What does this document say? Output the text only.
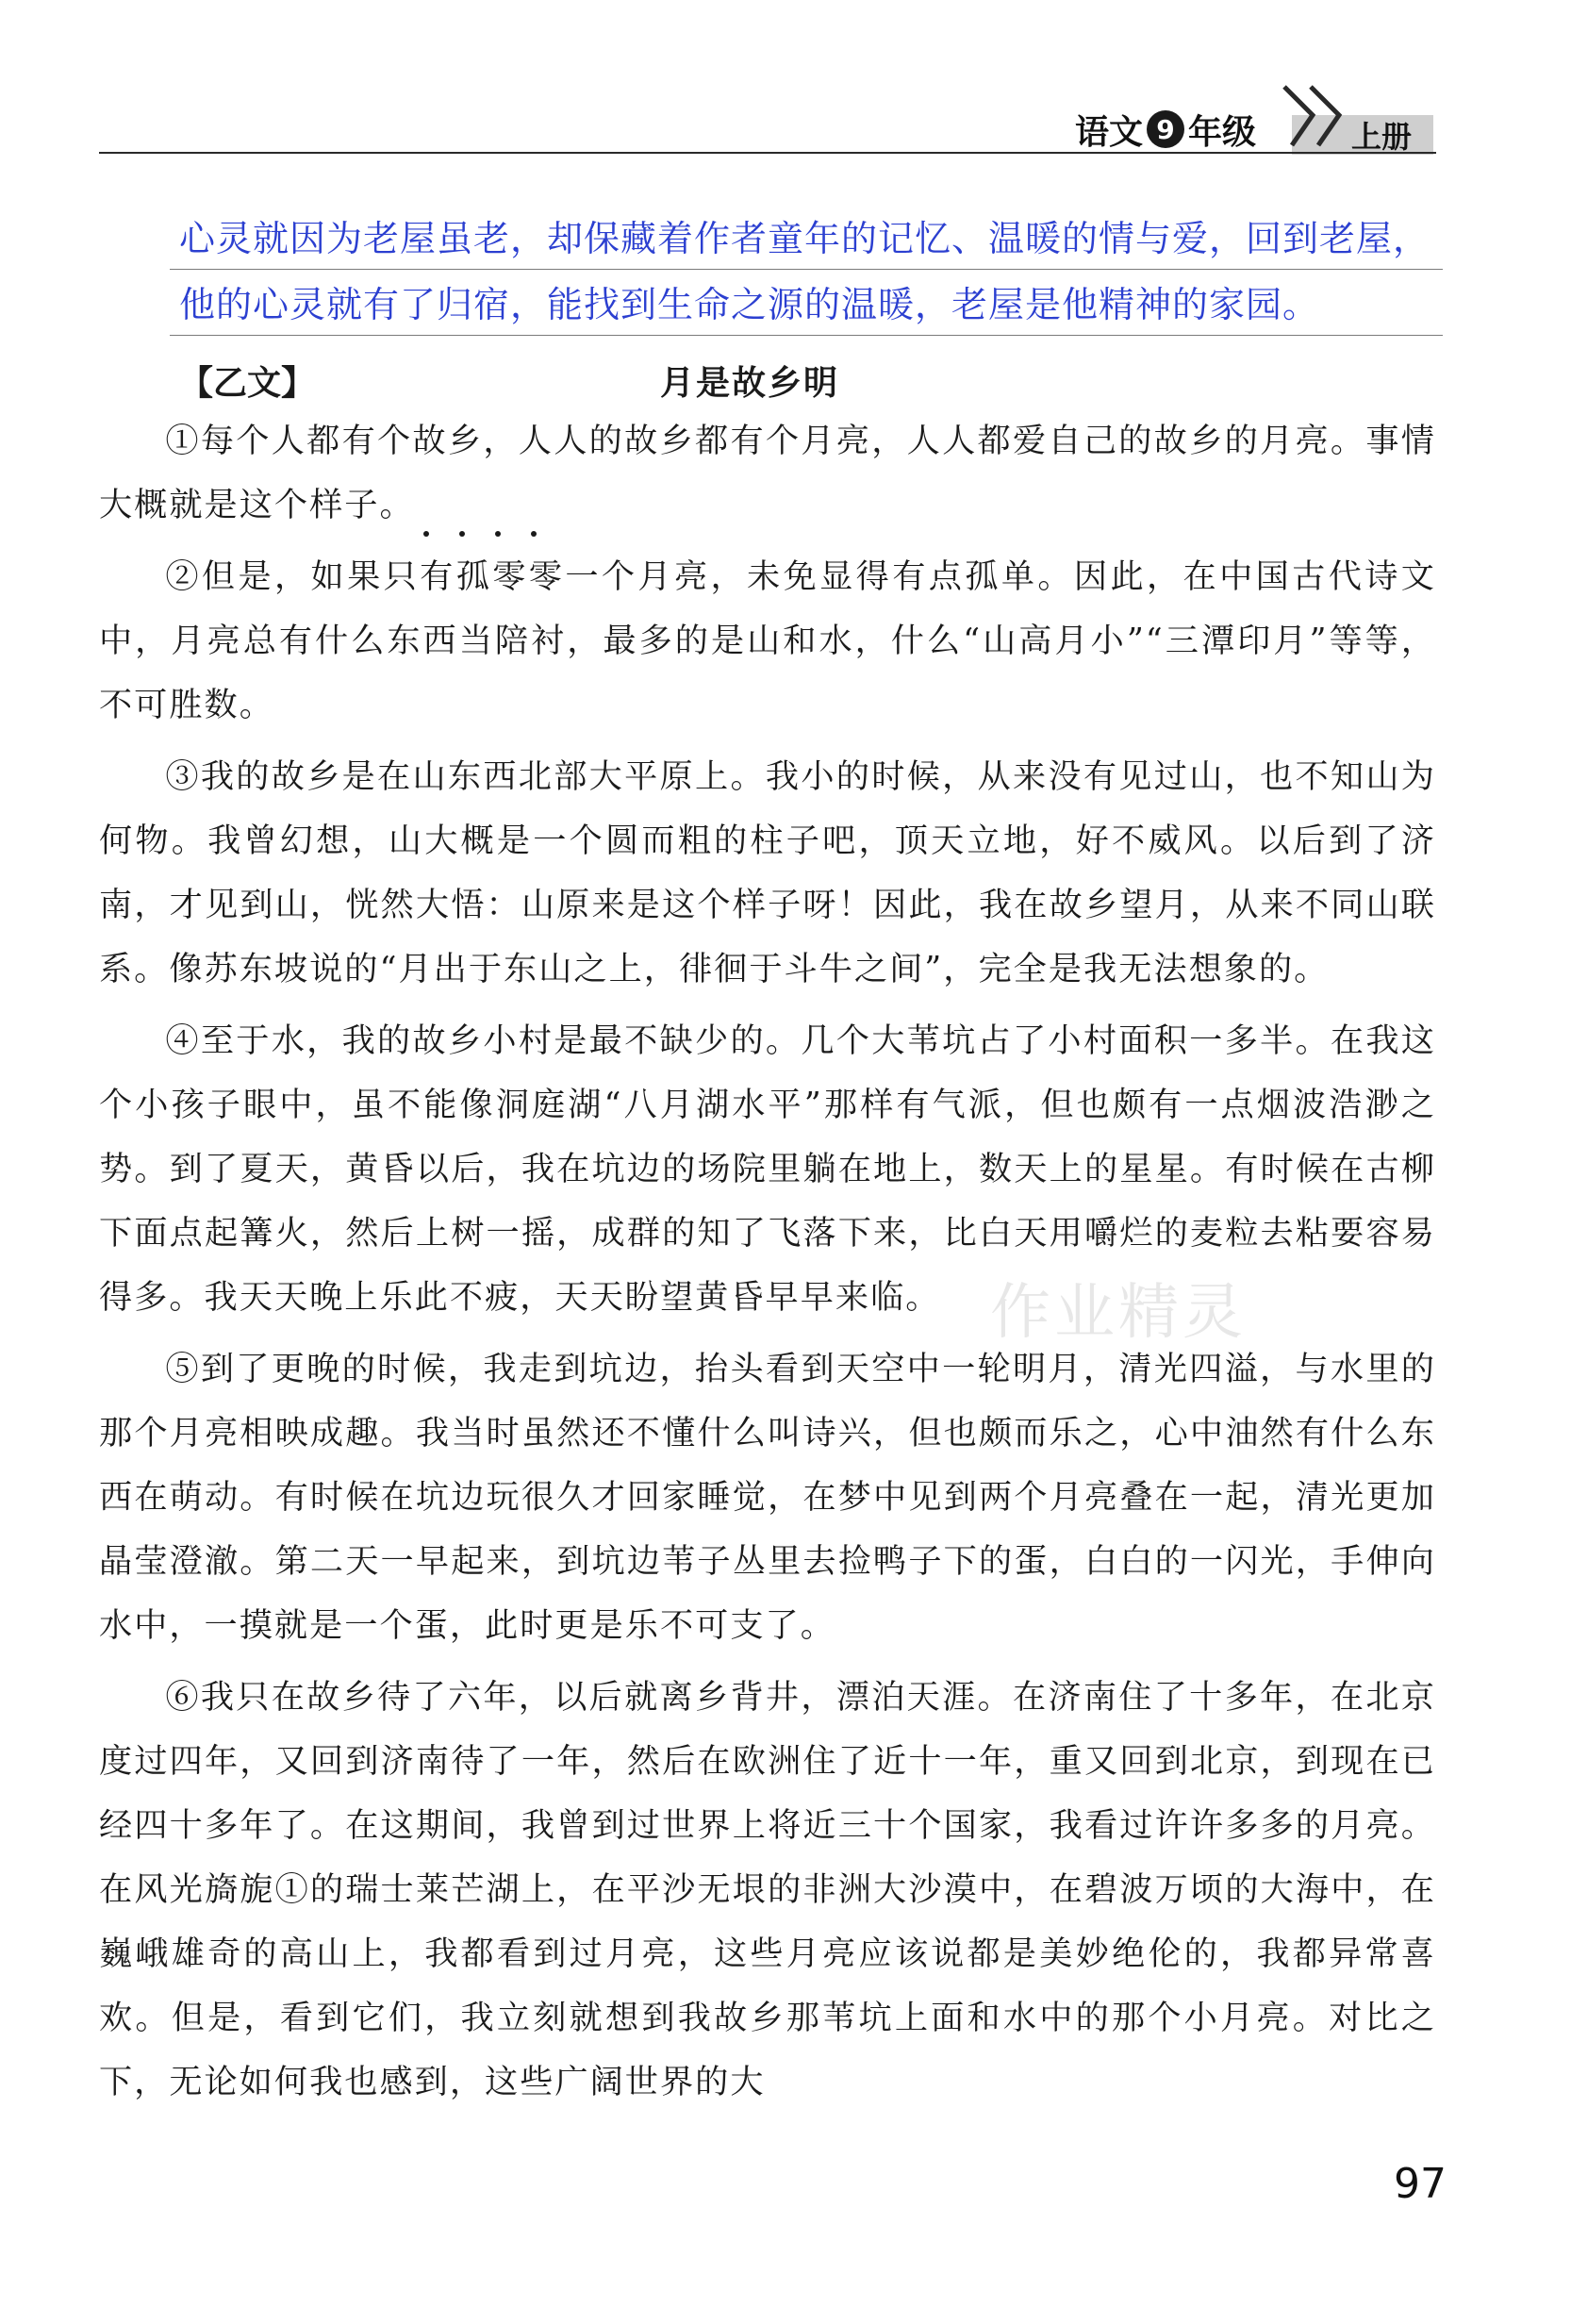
语文 9 年级	上册
心灵就因为老屋虽老，却保藏着作者童年的记忆、温暖的情与爱，回到老屋，
他的心灵就有了归宿，能找到生命之源的温暖，老屋是他精神的家园。
【乙文】	月是故乡明

①每个人都有个故乡，人人的故乡都有个月亮，人人都爱自己的故乡的月亮。事情大概就是这个样子。

②但是，如果只有孤零零一个月亮，未免显得有点孤单。因此，在中国古代诗文中，月亮总有什么东西当陪衬，最多的是山和水，什么“山高月小”“三潭印月”等等，不可胜数。

③我的故乡是在山东西北部大平原上。我小的时候，从来没有见过山，也不知山为何物。我曾幻想，山大概是一个圆而粗的柱子吧，顶天立地，好不威风。以后到了济南，才见到山，恍然大悟：山原来是这个样子呀！因此，我在故乡望月，从来不同山联系。像苏东坡说的“月出于东山之上，徘徊于斗牛之间”，完全是我无法想象的。

④至于水，我的故乡小村是最不缺少的。几个大苇坑占了小村面积一多半。在我这个小孩子眼中，虽不能像洞庭湖“八月湖水平”那样有气派，但也颇有一点烟波浩渺之势。到了夏天，黄昏以后，我在坑边的场院里躺在地上，数天上的星星。有时候在古柳下面点起篝火，然后上树一摇，成群的知了飞落下来，比白天用嚼烂的麦粒去粘要容易得多。我天天晚上乐此不疲，天天盼望黄昏早早来临。

⑤到了更晚的时候，我走到坑边，抬头看到天空中一轮明月，清光四溢，与水里的那个月亮相映成趣。我当时虽然还不懂什么叫诗兴，但也颇而乐之，心中油然有什么东西在萌动。有时候在坑边玩很久才回家睡觉，在梦中见到两个月亮叠在一起，清光更加晶莹澄澈。第二天一早起来，到坑边苇子丛里去捡鸭子下的蛋，白白的一闪光，手伸向水中，一摸就是一个蛋，此时更是乐不可支了。

⑥我只在故乡待了六年，以后就离乡背井，漂泊天涯。在济南住了十多年，在北京度过四年，又回到济南待了一年，然后在欧洲住了近十一年，重又回到北京，到现在已经四十多年了。在这期间，我曾到过世界上将近三十个国家，我看过许许多多的月亮。在风光旖旎①的瑞士莱芒湖上，在平沙无垠的非洲大沙漠中，在碧波万顷的大海中，在巍峨雄奇的高山上，我都看到过月亮，这些月亮应该说都是美妙绝伦的，我都异常喜欢。但是，看到它们，我立刻就想到我故乡那苇坑上面和水中的那个小月亮。对比之下，无论如何我也感到，这些广阔世界的大

作业精灵
97
